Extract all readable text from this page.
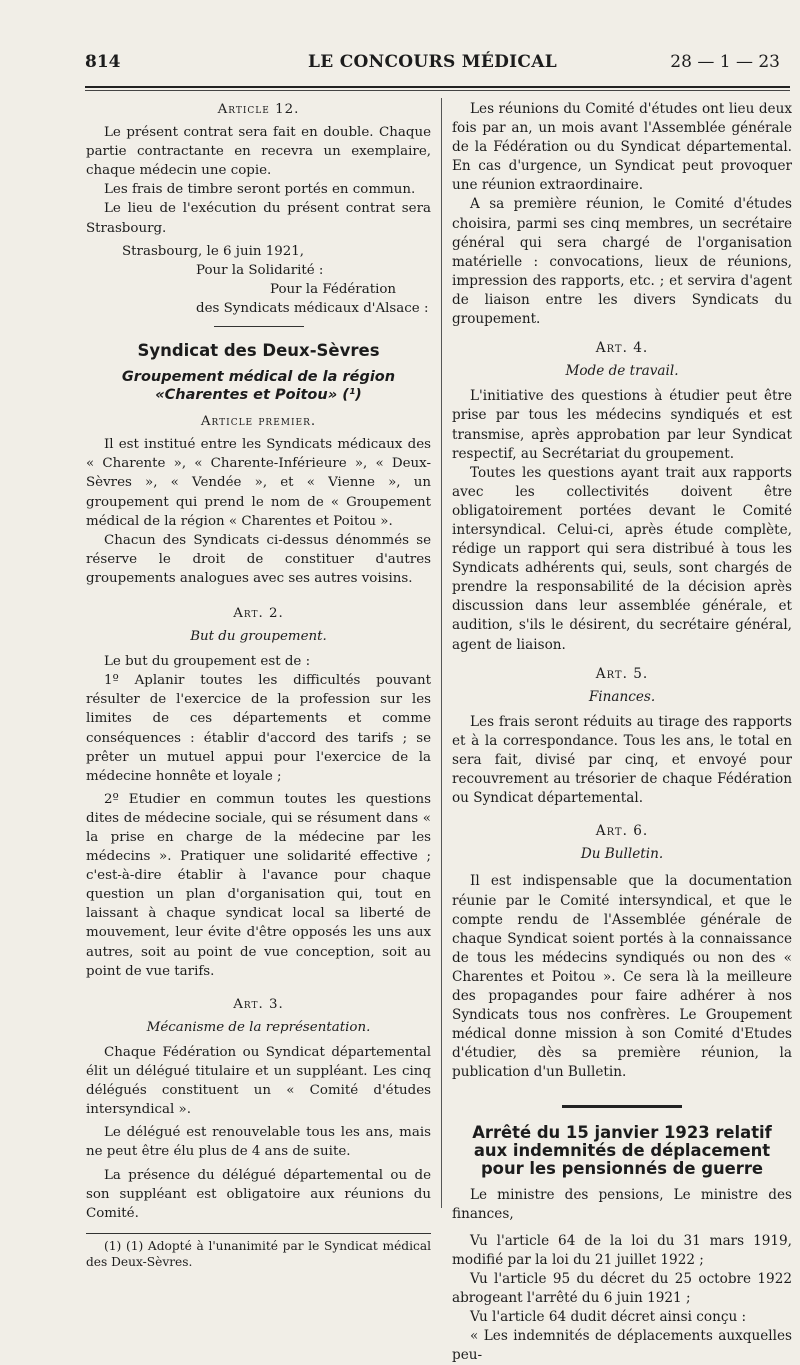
814	LE CONCOURS MÉDICAL	28 — 1 — 23

Article 12.

Le présent contrat sera fait en double. Chaque partie contractante en recevra un exemplaire, chaque médecin une copie.

Les frais de timbre seront portés en commun.

Le lieu de l'exécution du présent contrat sera Strasbourg.

Strasbourg, le 6 juin 1921,

Pour la Solidarité :

Pour la Fédération

des Syndicats médicaux d'Alsace :

Syndicat des Deux-Sèvres

Groupement médical de la région

«Charentes et Poitou» (¹)

Article premier.

Il est institué entre les Syndicats médicaux des « Charente », « Charente-Inférieure », « Deux-Sèvres », « Vendée », et « Vienne », un groupement qui prend le nom de « Groupement médical de la région « Charentes et Poitou ».

Chacun des Syndicats ci-dessus dénommés se réserve le droit de constituer d'autres groupements analogues avec ses autres voisins.

Art. 2.

But du groupement.

Le but du groupement est de :

1º Aplanir toutes les difficultés pouvant résulter de l'exercice de la profession sur les limites de ces départements et comme conséquences : établir d'accord des tarifs ; se prêter un mutuel appui pour l'exercice de la médecine honnête et loyale ;

2º Etudier en commun toutes les questions dites de médecine sociale, qui se résument dans « la prise en charge de la médecine par les médecins ». Pratiquer une solidarité effective ; c'est-à-dire établir à l'avance pour chaque question un plan d'organisation qui, tout en laissant à chaque syndicat local sa liberté de mouvement, leur évite d'être opposés les uns aux autres, soit au point de vue conception, soit au point de vue tarifs.

Art. 3.

Mécanisme de la représentation.

Chaque Fédération ou Syndicat départemental élit un délégué titulaire et un suppléant. Les cinq délégués constituent un « Comité d'études intersyndical ».

Le délégué est renouvelable tous les ans, mais ne peut être élu plus de 4 ans de suite.

La présence du délégué départemental ou de son suppléant est obligatoire aux réunions du Comité.

(1) (1) Adopté à l'unanimité par le Syndicat médical des Deux-Sèvres.

Les réunions du Comité d'études ont lieu deux fois par an, un mois avant l'Assemblée générale de la Fédération ou du Syndicat départemental. En cas d'urgence, un Syndicat peut provoquer une réunion extraordinaire.

A sa première réunion, le Comité d'études choisira, parmi ses cinq membres, un secrétaire général qui sera chargé de l'organisation matérielle : convocations, lieux de réunions, impression des rapports, etc. ; et servira d'agent de liaison entre les divers Syndicats du groupement.

Art. 4.

Mode de travail.

L'initiative des questions à étudier peut être prise par tous les médecins syndiqués et est transmise, après approbation par leur Syndicat respectif, au Secrétariat du groupement.

Toutes les questions ayant trait aux rapports avec les collectivités doivent être obligatoirement portées devant le Comité intersyndical. Celui-ci, après étude complète, rédige un rapport qui sera distribué à tous les Syndicats adhérents qui, seuls, sont chargés de prendre la responsabilité de la décision après discussion dans leur assemblée générale, et audition, s'ils le désirent, du secrétaire général, agent de liaison.

Art. 5.

Finances.

Les frais seront réduits au tirage des rapports et à la correspondance. Tous les ans, le total en sera fait, divisé par cinq, et envoyé pour recouvrement au trésorier de chaque Fédération ou Syndicat départemental.

Art. 6.

Du Bulletin.

Il est indispensable que la documentation réunie par le Comité intersyndical, et que le compte rendu de l'Assemblée générale de chaque Syndicat soient portés à la connaissance de tous les médecins syndiqués ou non des « Charentes et Poitou ». Ce sera là la meilleure des propagandes pour faire adhérer à nos Syndicats tous nos confrères. Le Groupement médical donne mission à son Comité d'Etudes d'étudier, dès sa première réunion, la publication d'un Bulletin.

Arrêté du 15 janvier 1923 relatif

aux indemnités de déplacement

pour les pensionnés de guerre

Le ministre des pensions, Le ministre des finances,

Vu l'article 64 de la loi du 31 mars 1919, modifié par la loi du 21 juillet 1922 ;

Vu l'article 95 du décret du 25 octobre 1922 abrogeant l'arrêté du 6 juin 1921 ;

Vu l'article 64 dudit décret ainsi conçu :

« Les indemnités de déplacements auxquelles peu-
